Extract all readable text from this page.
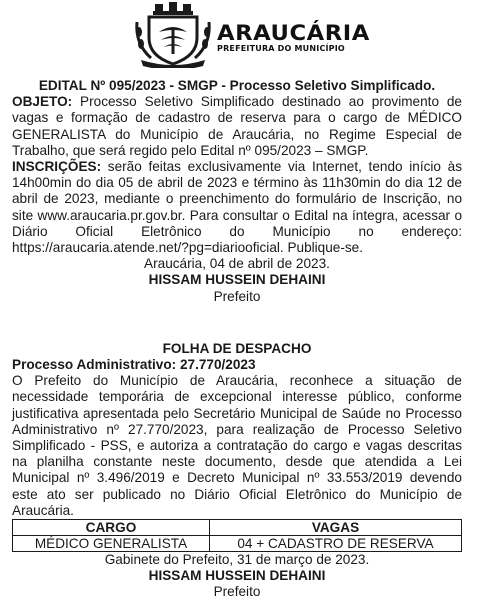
ARAUCÁRIA
PREFEITURA DO MUNICÍPIO
EDITAL Nº 095/2023 - SMGP - Processo Seletivo Simplificado.

OBJETO: Processo Seletivo Simplificado destinado ao provimento de vagas e formação de cadastro de reserva para o cargo de MÉDICO GENERALISTA do Município de Araucária, no Regime Especial de Trabalho, que será regido pelo Edital nº 095/2023 – SMGP.

INSCRIÇÕES: serão feitas exclusivamente via Internet, tendo início às 14h00min do dia 05 de abril de 2023 e término às 11h30min do dia 12 de abril de 2023, mediante o preenchimento do formulário de Inscrição, no site www.araucaria.pr.gov.br. Para consultar o Edital na íntegra, acessar o Diário Oficial Eletrônico do Município no endereço: https://araucaria.atende.net/?pg=diariooficial. Publique-se.

Araucária, 04 de abril de 2023.

HISSAM HUSSEIN DEHAINI

Prefeito

FOLHA DE DESPACHO

Processo Administrativo: 27.770/2023

O Prefeito do Município de Araucária, reconhece a situação de necessidade temporária de excepcional interesse público, conforme justificativa apresentada pelo Secretário Municipal de Saúde no Processo Administrativo nº 27.770/2023, para realização de Processo Seletivo Simplificado - PSS, e autoriza a contratação do cargo e vagas descritas na planilha constante neste documento, desde que atendida a Lei Municipal nº 3.496/2019 e Decreto Municipal nº 33.553/2019 devendo este ato ser publicado no Diário Oficial Eletrônico do Município de Araucária.

CARGO	VAGAS
MÉDICO GENERALISTA	04 + CADASTRO DE RESERVA

Gabinete do Prefeito, 31 de março de 2023.

HISSAM HUSSEIN DEHAINI

Prefeito
